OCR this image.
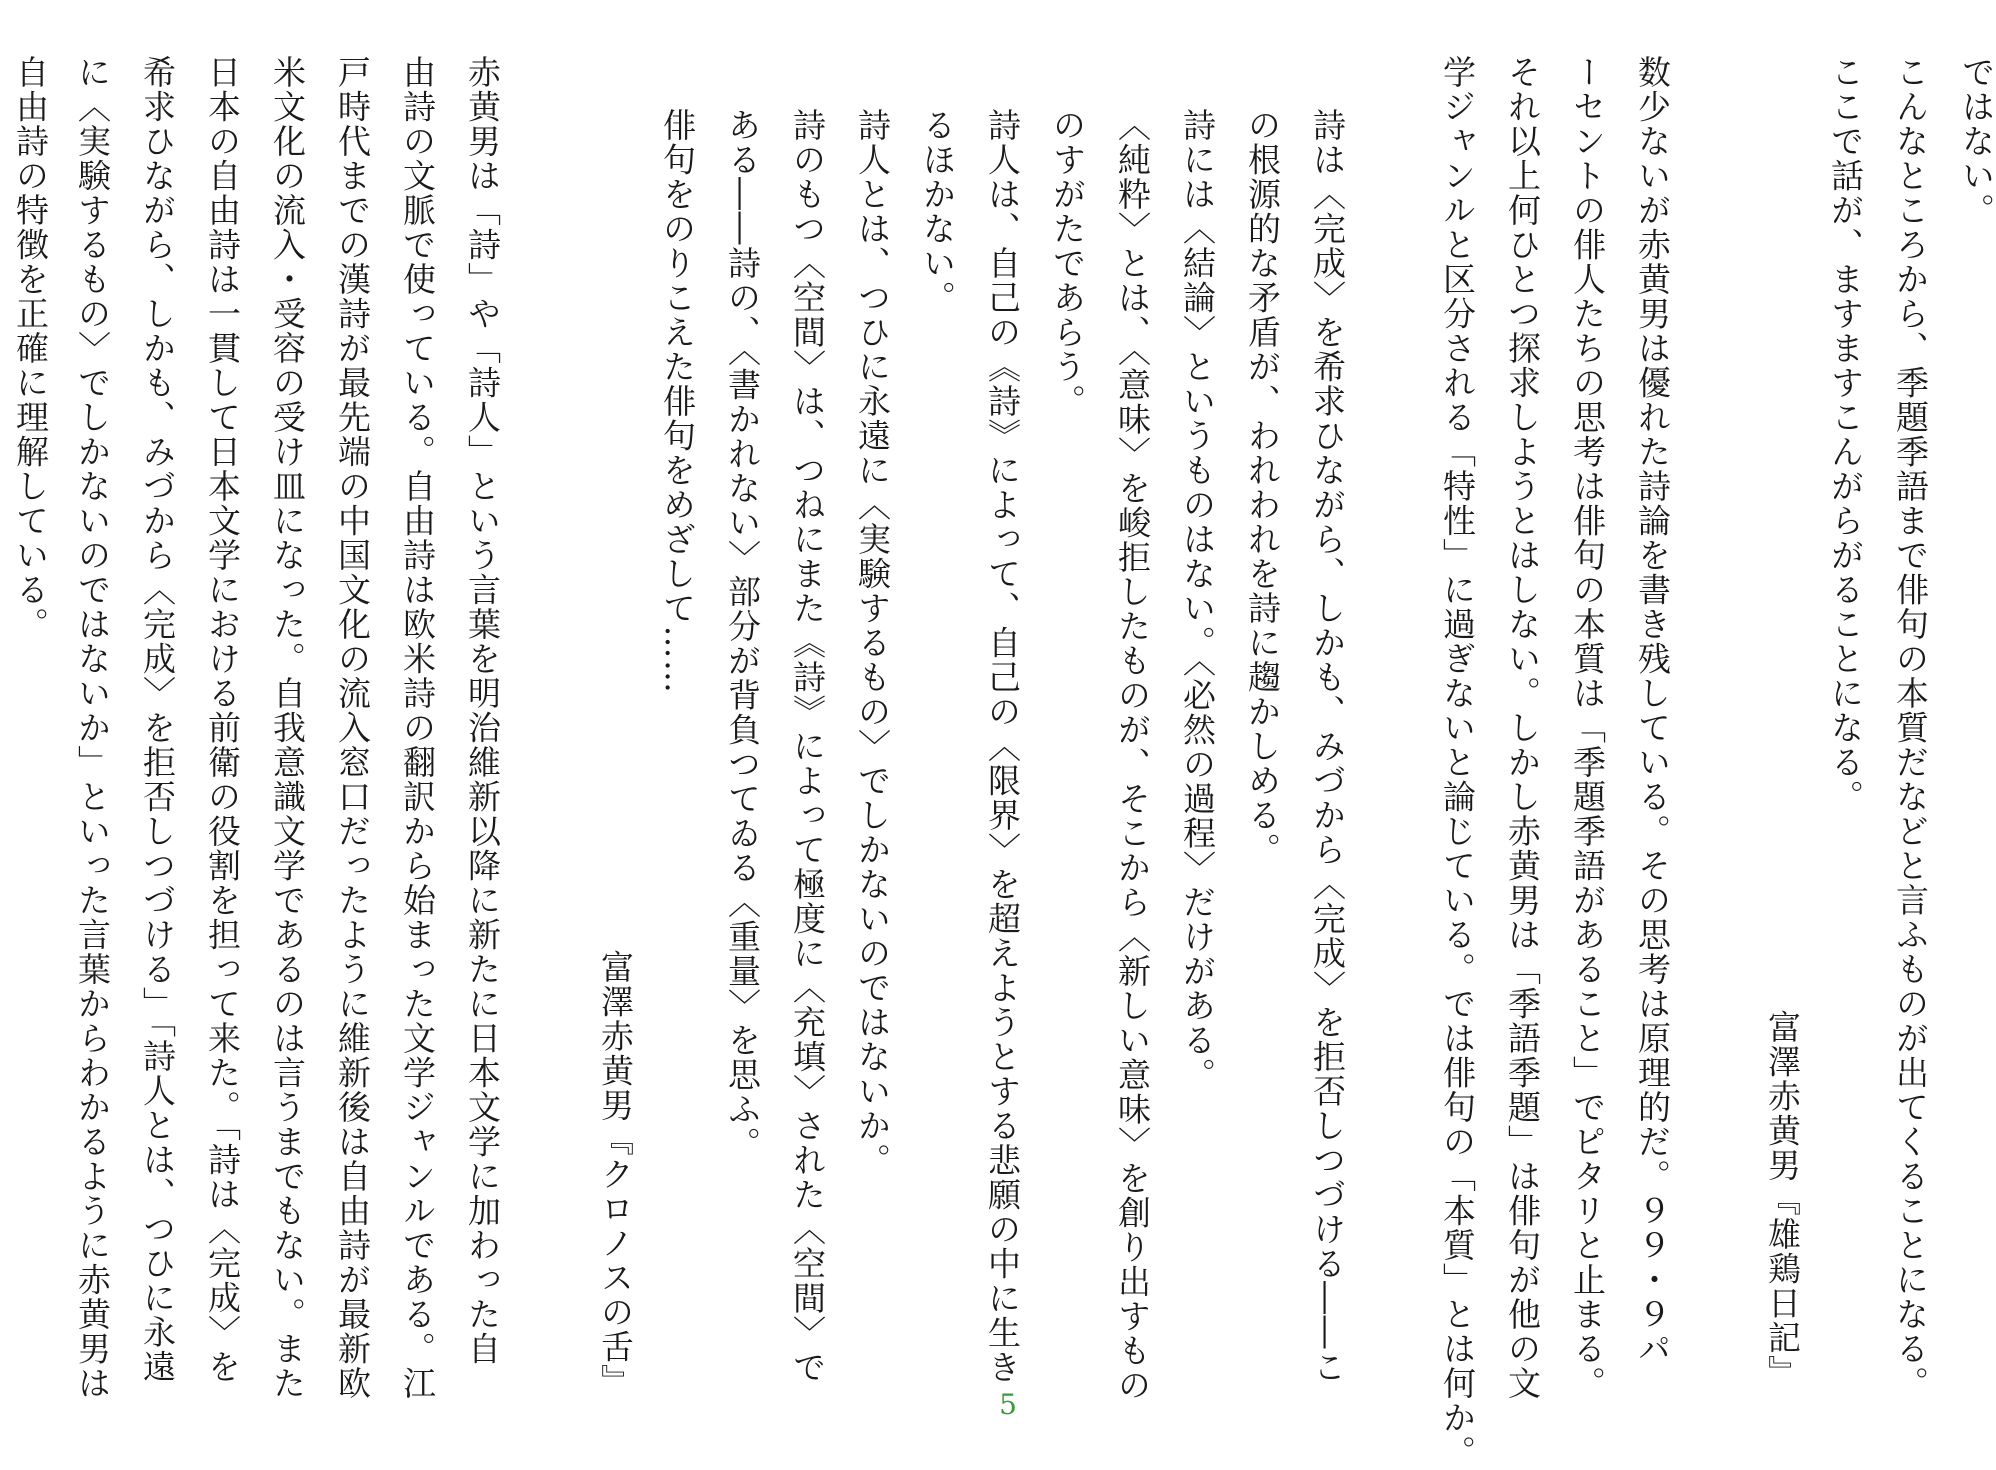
ではない。
こんなところから、季題季語まで俳句の本質だなどと言ふものが出てくることになる。
ここで話が、ますますこんがらがることになる。
富澤赤黄男『雄鶏日記』
数少ないが赤黄男は優れた詩論を書き残している。その思考は原理的だ。９９・９パ
ーセントの俳人たちの思考は俳句の本質は「季題季語があること」でピタリと止まる。
それ以上何ひとつ探求しようとはしない。しかし赤黄男は「季語季題」は俳句が他の文
学ジャンルと区分される「特性」に過ぎないと論じている。では俳句の「本質」とは何か。
詩は〈完成〉を希求ひながら、しかも、みづから〈完成〉を拒否しつづける――こ
の根源的な矛盾が、われわれを詩に趨かしめる。
詩には〈結論〉というものはない。〈必然の過程〉だけがある。
〈純粋〉とは、〈意味〉を峻拒したものが、そこから〈新しい意味〉を創り出すもの
のすがたであらう。
詩人は、自己の《詩》によって、自己の〈限界〉を超えようとする悲願の中に生き
るほかない。
詩人とは、つひに永遠に〈実験するもの〉でしかないのではないか。
詩のもつ〈空間〉は、つねにまた《詩》によって極度に〈充填〉された〈空間〉で
ある――詩の、〈書かれない〉部分が背負つてゐる〈重量〉を思ふ。
俳句をのりこえた俳句をめざして……
富澤赤黄男『クロノスの舌』
赤黄男は「詩」や「詩人」という言葉を明治維新以降に新たに日本文学に加わった自
由詩の文脈で使っている。自由詩は欧米詩の翻訳から始まった文学ジャンルである。江
戸時代までの漢詩が最先端の中国文化の流入窓口だったように維新後は自由詩が最新欧
米文化の流入・受容の受け皿になった。自我意識文学であるのは言うまでもない。また
日本の自由詩は一貫して日本文学における前衛の役割を担って来た。「詩は〈完成〉を
希求ひながら、しかも、みづから〈完成〉を拒否しつづける」「詩人とは、つひに永遠
に〈実験するもの〉でしかないのではないか」といった言葉からわかるように赤黄男は
自由詩の特徴を正確に理解している。
5
